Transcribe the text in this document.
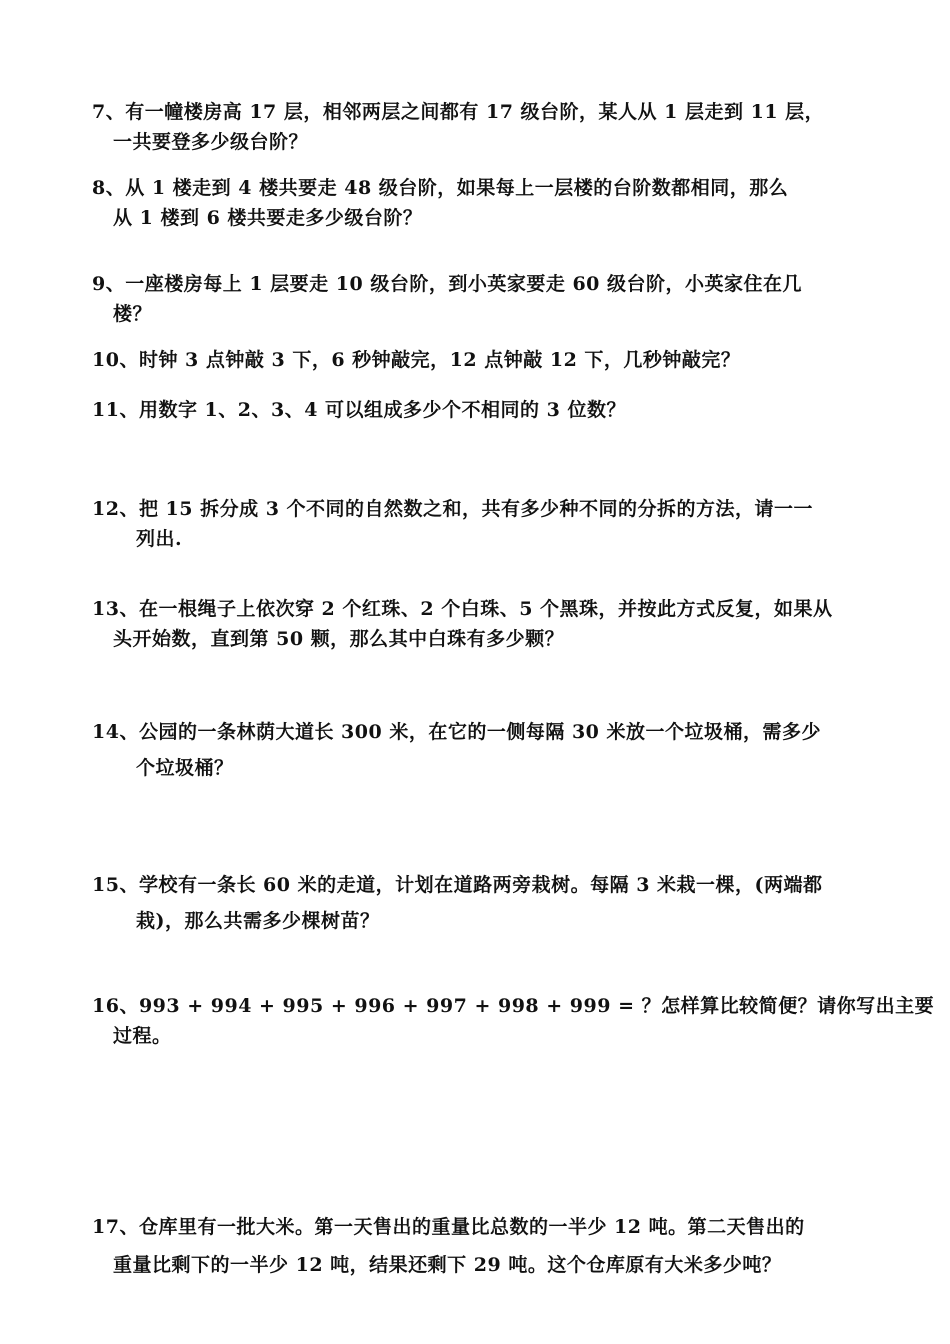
7、有一幢楼房高 17 层，相邻两层之间都有 17 级台阶，某人从 1 层走到 11 层，
一共要登多少级台阶？
8、从 1 楼走到 4 楼共要走 48 级台阶，如果每上一层楼的台阶数都相同，那么
从 1 楼到 6 楼共要走多少级台阶？
9、一座楼房每上 1 层要走 10 级台阶，到小英家要走 60 级台阶，小英家住在几
楼？
10、时钟 3 点钟敲 3 下，6 秒钟敲完，12 点钟敲 12 下，几秒钟敲完？
11、用数字 1、2、3、4 可以组成多少个不相同的 3 位数？
12、把 15 拆分成 3 个不同的自然数之和，共有多少种不同的分拆的方法，请一一
列出.
13、在一根绳子上依次穿 2 个红珠、2 个白珠、5 个黑珠，并按此方式反复，如果从
头开始数，直到第 50 颗，那么其中白珠有多少颗？
14、公园的一条林荫大道长 300 米，在它的一侧每隔 30 米放一个垃圾桶，需多少
个垃圾桶？
15、学校有一条长 60 米的走道，计划在道路两旁栽树。每隔 3 米栽一棵，(两端都
栽)，那么共需多少棵树苗？
16、993 + 994 + 995 + 996 + 997 + 998 + 999 = ？怎样算比较简便？请你写出主要
过程。
17、仓库里有一批大米。第一天售出的重量比总数的一半少 12 吨。第二天售出的
重量比剩下的一半少 12 吨，结果还剩下 29 吨。这个仓库原有大米多少吨？
